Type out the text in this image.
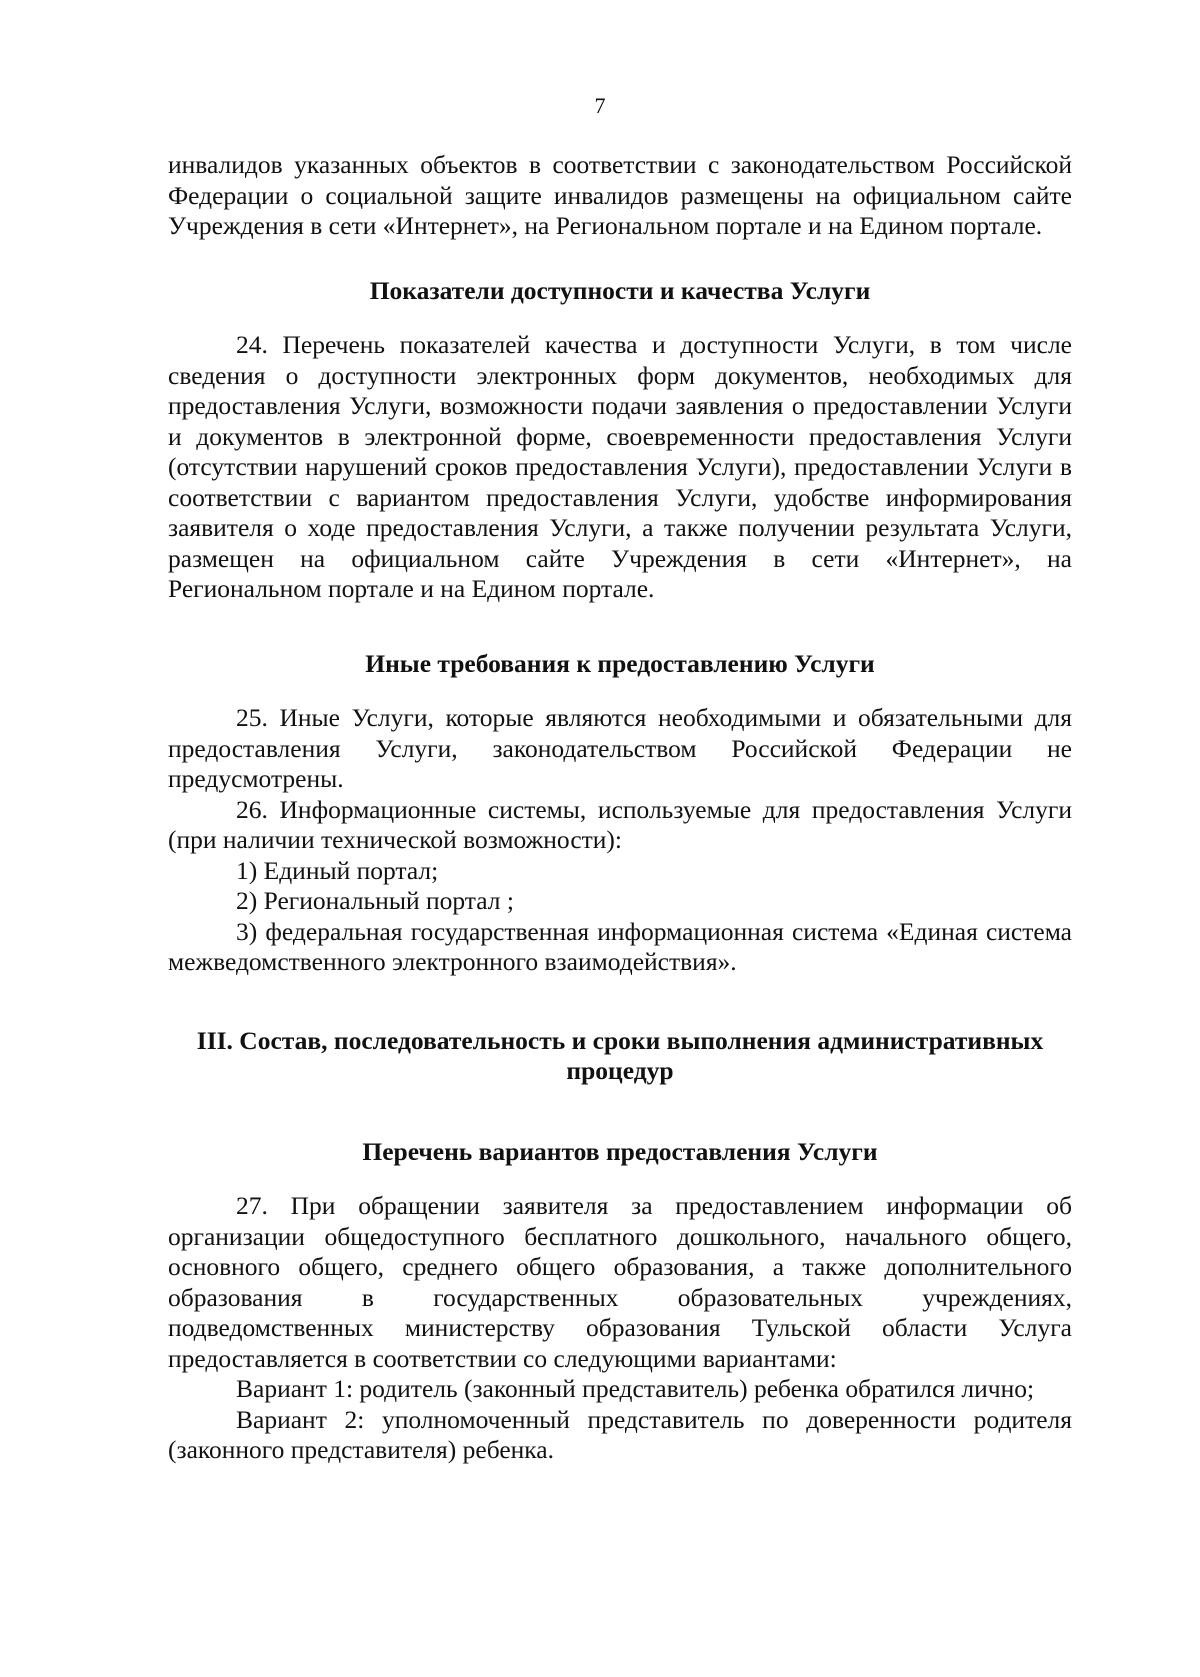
7

инвалидов указанных объектов в соответствии с законодательством Российской Федерации о социальной защите инвалидов размещены на официальном сайте Учреждения в сети «Интернет», на Региональном портале и на Едином портале.

Показатели доступности и качества Услуги

24. Перечень показателей качества и доступности Услуги, в том числе сведения о доступности электронных форм документов, необходимых для предоставления Услуги, возможности подачи заявления о предоставлении Услуги и документов в электронной форме, своевременности предоставления Услуги (отсутствии нарушений сроков предоставления Услуги), предоставлении Услуги в соответствии с вариантом предоставления Услуги, удобстве информирования заявителя о ходе предоставления Услуги, а также получении результата Услуги, размещен на официальном сайте Учреждения в сети «Интернет», на Региональном портале и на Едином портале.

Иные требования к предоставлению Услуги

25. Иные Услуги, которые являются необходимыми и обязательными для предоставления Услуги, законодательством Российской Федерации не предусмотрены.

26. Информационные системы, используемые для предоставления Услуги (при наличии технической возможности):

1) Единый портал;

2) Региональный портал ;

3) федеральная государственная информационная система «Единая система межведомственного электронного взаимодействия».

III. Состав, последовательность и сроки выполнения административных процедур

Перечень вариантов предоставления Услуги

27. При обращении заявителя за предоставлением информации об организации общедоступного бесплатного дошкольного, начального общего, основного общего, среднего общего образования, а также дополнительного образования в государственных образовательных учреждениях, подведомственных министерству образования Тульской области Услуга предоставляется в соответствии со следующими вариантами:

Вариант 1: родитель (законный представитель) ребенка обратился лично;

Вариант 2: уполномоченный представитель по доверенности родителя (законного представителя) ребенка.
